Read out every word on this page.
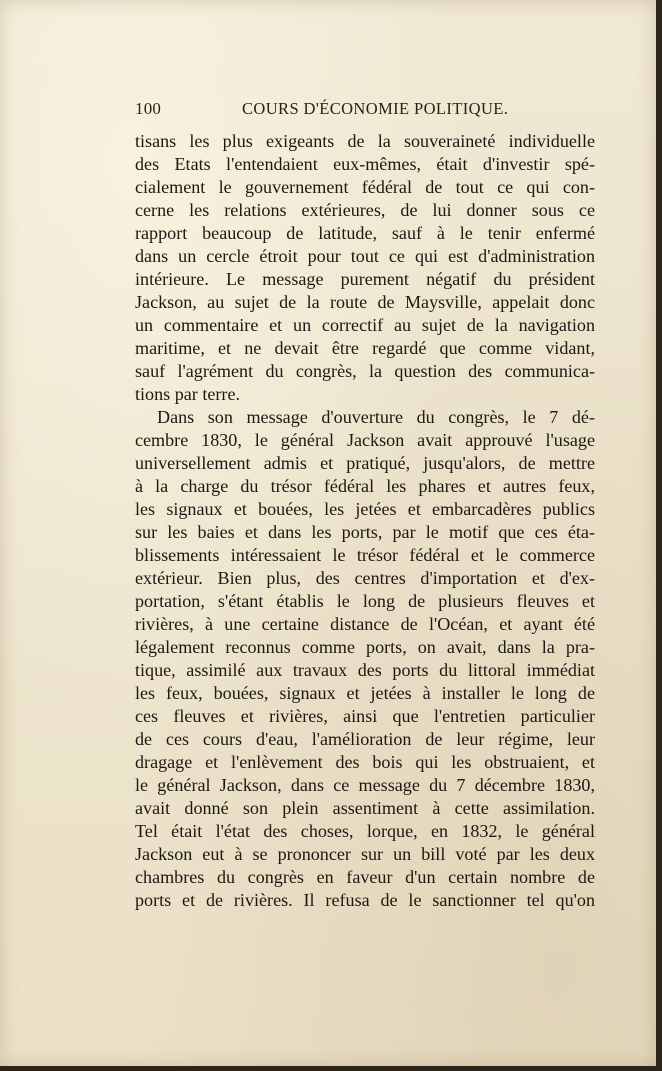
100	COURS D'ÉCONOMIE POLITIQUE.

tisans les plus exigeants de la souveraineté individuelle
des Etats l'entendaient eux-mêmes, était d'investir spé-
cialement le gouvernement fédéral de tout ce qui con-
cerne les relations extérieures, de lui donner sous ce
rapport beaucoup de latitude, sauf à le tenir enfermé
dans un cercle étroit pour tout ce qui est d'administration
intérieure. Le message purement négatif du président
Jackson, au sujet de la route de Maysville, appelait donc
un commentaire et un correctif au sujet de la navigation
maritime, et ne devait être regardé que comme vidant,
sauf l'agrément du congrès, la question des communica-
tions par terre.

Dans son message d'ouverture du congrès, le 7 dé-
cembre 1830, le général Jackson avait approuvé l'usage
universellement admis et pratiqué, jusqu'alors, de mettre
à la charge du trésor fédéral les phares et autres feux,
les signaux et bouées, les jetées et embarcadères publics
sur les baies et dans les ports, par le motif que ces éta-
blissements intéressaient le trésor fédéral et le commerce
extérieur. Bien plus, des centres d'importation et d'ex-
portation, s'étant établis le long de plusieurs fleuves et
rivières, à une certaine distance de l'Océan, et ayant été
légalement reconnus comme ports, on avait, dans la pra-
tique, assimilé aux travaux des ports du littoral immédiat
les feux, bouées, signaux et jetées à installer le long de
ces fleuves et rivières, ainsi que l'entretien particulier
de ces cours d'eau, l'amélioration de leur régime, leur
dragage et l'enlèvement des bois qui les obstruaient, et
le général Jackson, dans ce message du 7 décembre 1830,
avait donné son plein assentiment à cette assimilation.
Tel était l'état des choses, lorque, en 1832, le général
Jackson eut à se prononcer sur un bill voté par les deux
chambres du congrès en faveur d'un certain nombre de
ports et de rivières. Il refusa de le sanctionner tel qu'on
